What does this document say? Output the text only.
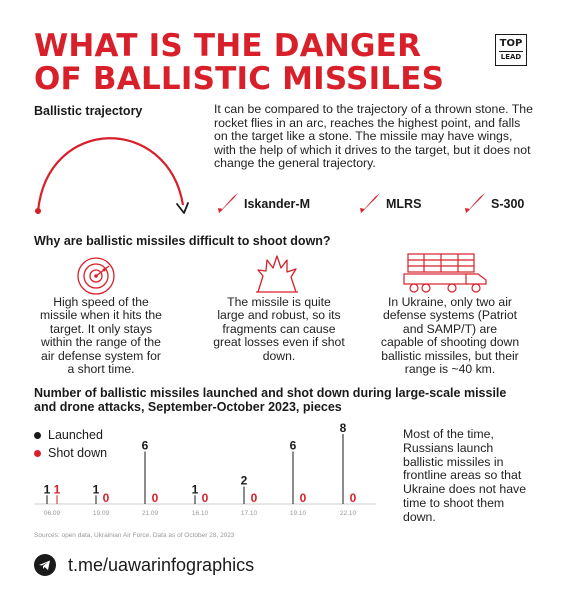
WHAT IS THE DANGER
OF BALLISTIC MISSILES
TOP
LEAD
Ballistic trajectory	It can be compared to the trajectory of a thrown stone. The rocket flies in an arc, reaches the highest point, and falls on the target like a stone. The missile may have wings, with the help of which it drives to the target, but it does not change the general trajectory.
Iskander-M	MLRS	S-300
Why are ballistic missiles difficult to shoot down?
High speed of the missile when it hits the target. It only stays within the range of the air defense system for a short time.
The missile is quite large and robust, so its fragments can cause great losses even if shot down.
In Ukraine, only two air defense systems (Patriot and SAMP/T) are capable of shooting down ballistic missiles, but their range is ~40 km.
Number of ballistic missiles launched and shot down during large-scale missile and drone attacks, September-October 2023, pieces
Launched
Shot down
06.09
1 1
19.09
1
0
21.09
6
0
16.10
1
0
17.10
2
0
19.10
6
0
22.10
8
0
Most of the time, Russians launch ballistic missiles in frontline areas so that Ukraine does not have time to shoot them down.
Sources: open data, Ukrainian Air Force. Data as of October 28, 2023
t.me/uawarinfographics
